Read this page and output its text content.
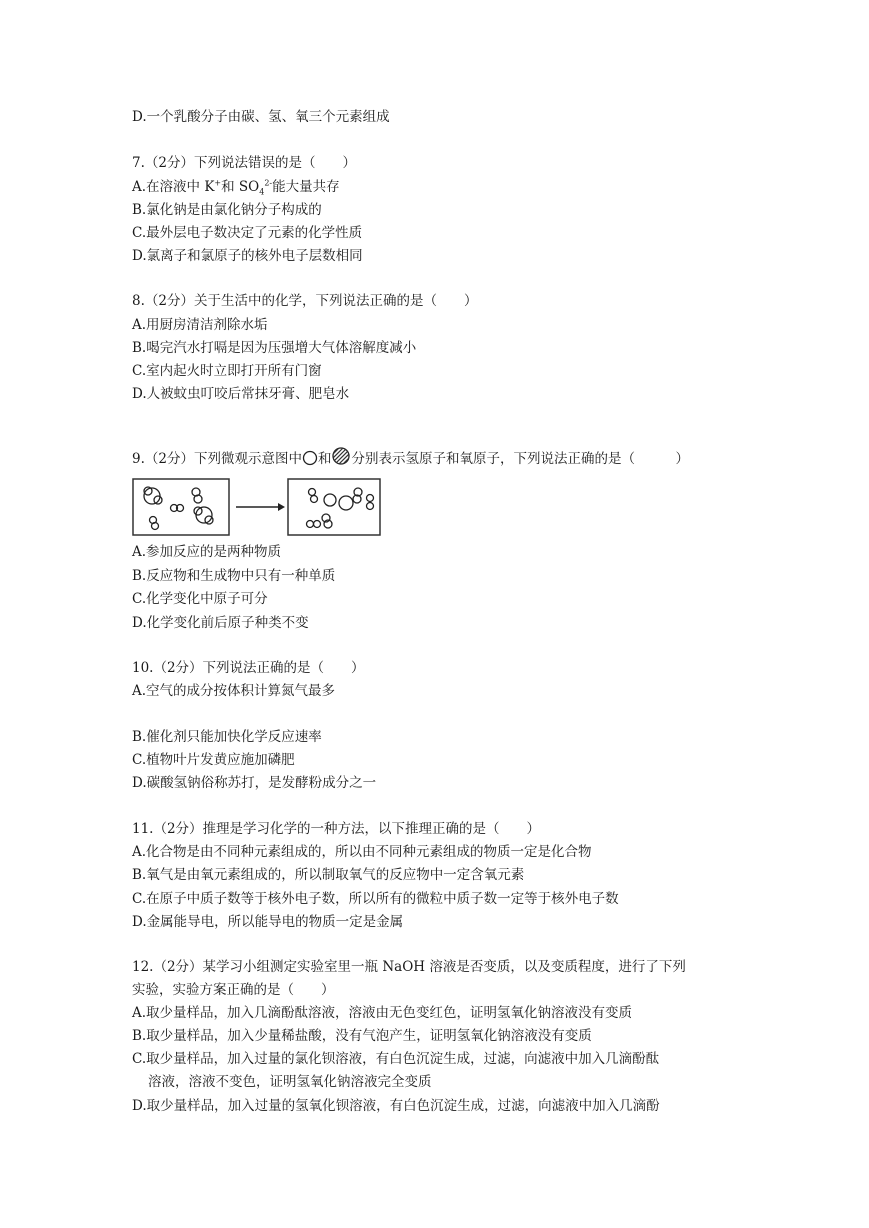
D.一个乳酸分子由碳、氢、氧三个元素组成
7.（2分）下列说法错误的是（　　）
A.在溶液中 K+和 $SO_4^{2-}$能大量共存
B.氯化钠是由氯化钠分子构成的
C.最外层电子数决定了元素的化学性质
D.氯离子和氯原子的核外电子层数相同
8.（2分）关于生活中的化学，下列说法正确的是（　　）
A.用厨房清洁剂除水垢
B.喝完汽水打嗝是因为压强增大气体溶解度减小
C.室内起火时立即打开所有门窗
D.人被蚊虫叮咬后常抹牙膏、肥皂水
9.（2分）下列微观示意图中 和 分别表示氢原子和氧原子，下列说法正确的是（　　　）
A.参加反应的是两种物质
B.反应物和生成物中只有一种单质
C.化学变化中原子可分
D.化学变化前后原子种类不变
10.（2分）下列说法正确的是（　　）
A.空气的成分按体积计算氮气最多
B.催化剂只能加快化学反应速率
C.植物叶片发黄应施加磷肥
D.碳酸氢钠俗称苏打，是发酵粉成分之一
11.（2分）推理是学习化学的一种方法，以下推理正确的是（　　）
A.化合物是由不同种元素组成的，所以由不同种元素组成的物质一定是化合物
B.氧气是由氧元素组成的，所以制取氧气的反应物中一定含氧元素
C.在原子中质子数等于核外电子数，所以所有的微粒中质子数一定等于核外电子数
D.金属能导电，所以能导电的物质一定是金属
12.（2分）某学习小组测定实验室里一瓶 NaOH 溶液是否变质，以及变质程度，进行了下列
实验，实验方案正确的是（　　）
A.取少量样品，加入几滴酚酞溶液，溶液由无色变红色，证明氢氧化钠溶液没有变质
B.取少量样品，加入少量稀盐酸，没有气泡产生，证明氢氧化钠溶液没有变质
C.取少量样品，加入过量的氯化钡溶液，有白色沉淀生成，过滤，向滤液中加入几滴酚酞
溶液，溶液不变色，证明氢氧化钠溶液完全变质
D.取少量样品，加入过量的氢氧化钡溶液，有白色沉淀生成，过滤，向滤液中加入几滴酚
